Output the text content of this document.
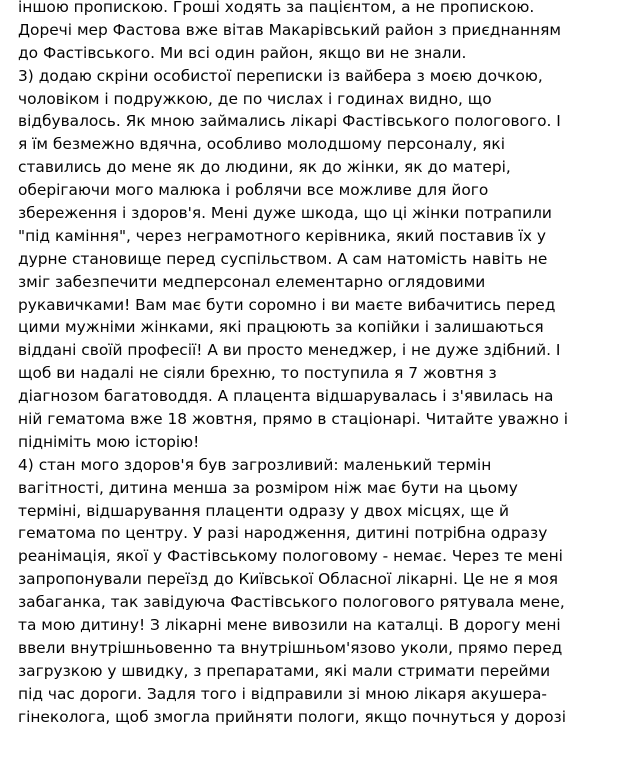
іншою пропискою. Гроші ходять за пацієнтом, а не пропискою.
Доречі мер Фастова вже вітав Макарівський район з приєднанням
до Фастівського. Ми всі один район, якщо ви не знали.
3) додаю скріни особистої переписки із вайбера з моєю дочкою,
чоловіком і подружкою, де по числах і годинах видно, що
відбувалось. Як мною займались лікарі Фастівського пологового. І
я їм безмежно вдячна, особливо молодшому персоналу, які
ставились до мене як до людини, як до жінки, як до матері,
оберігаючи мого малюка і роблячи все можливе для його
збереження і здоров'я. Мені дуже шкода, що ці жінки потрапили
"під каміння", через неграмотного керівника, який поставив їх у
дурне становище перед суспільством. А сам натомість навіть не
зміг забезпечити медперсонал елементарно оглядовими
рукавичками! Вам має бути соромно і ви маєте вибачитись перед
цими мужніми жінками, які працюють за копійки і залишаються
віддані своїй професії! А ви просто менеджер, і не дуже здібний. І
щоб ви надалі не сіяли брехню, то поступила я 7 жовтня з
діагнозом багатоводдя. А плацента відшарувалась і з'явилась на
ній гематома вже 18 жовтня, прямо в стаціонарі. Читайте уважно і
підніміть мою історію!
4) стан мого здоров'я був загрозливий: маленький термін
вагітності, дитина менша за розміром ніж має бути на цьому
терміні, відшарування плаценти одразу у двох місцях, ще й
гематома по центру. У разі народження, дитині потрібна одразу
реанімація, якої у Фастівському пологовому - немає. Через те мені
запропонували переїзд до Київської Обласної лікарні. Це не я моя
забаганка, так завідуюча Фастівського пологового рятувала мене,
та мою дитину! З лікарні мене вивозили на каталці. В дорогу мені
ввели внутрішньовенно та внутрішньом'язово уколи, прямо перед
загрузкою у швидку, з препаратами, які мали стримати перейми
під час дороги. Задля того і відправили зі мною лікаря акушера-
гінеколога, щоб змогла прийняти пологи, якщо почнуться у дорозі
